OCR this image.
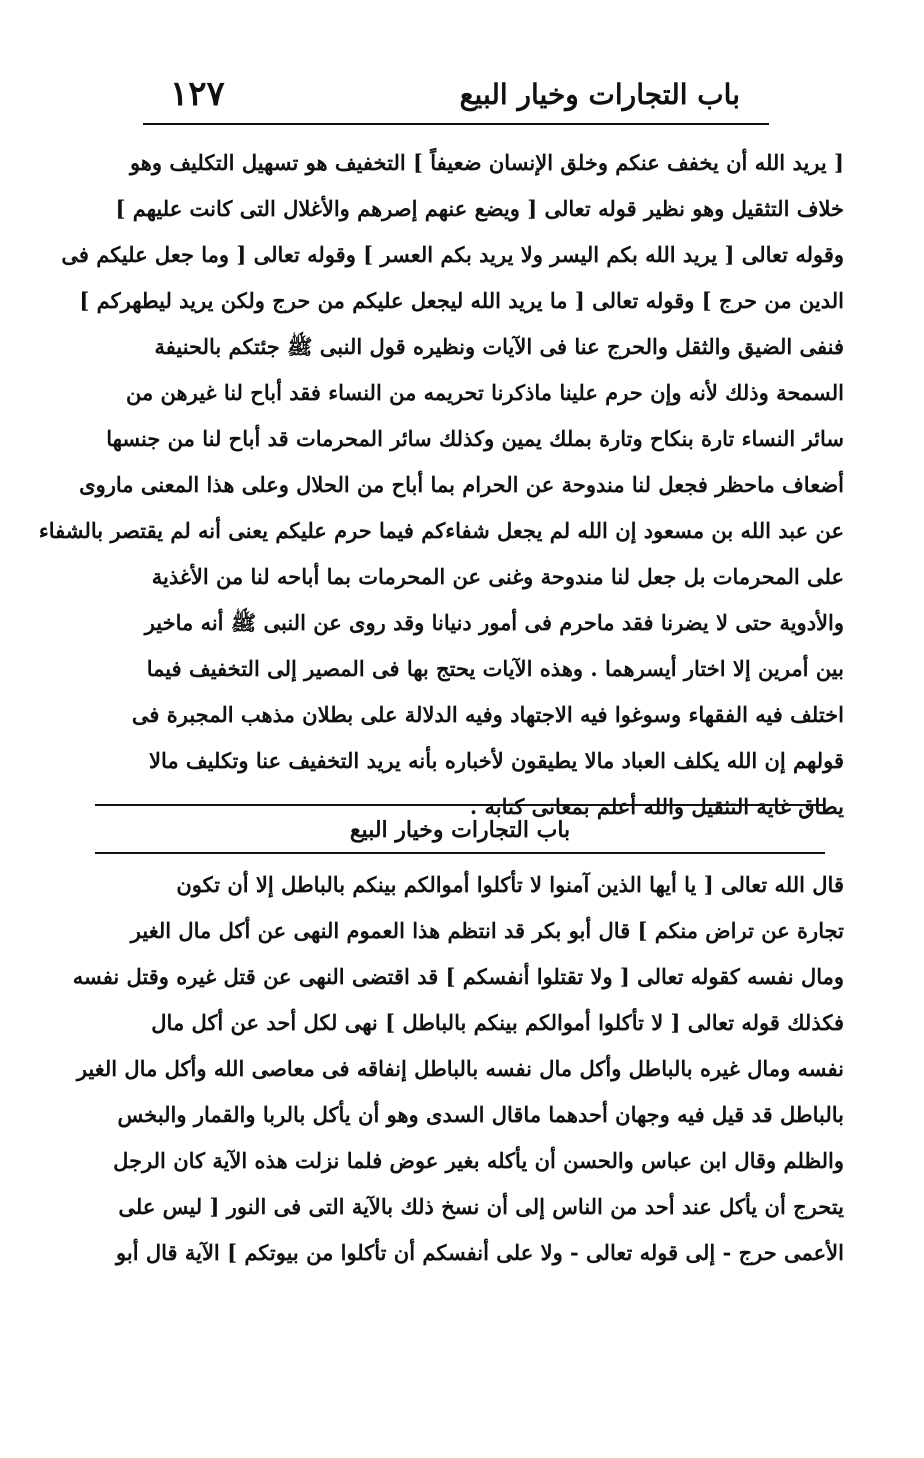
باب التجارات وخيار البيع
١٢٧
[ يريد الله أن يخفف عنكم وخلق الإنسان ضعيفاً ] التخفيف هو تسهيل التكليف وهو
خلاف التثقيل وهو نظير قوله تعالى [ ويضع عنهم إصرهم والأغلال التى كانت عليهم ]
وقوله تعالى [ يريد الله بكم اليسر ولا يريد بكم العسر ] وقوله تعالى [ وما جعل عليكم فى
الدين من حرج ] وقوله تعالى [ ما يريد الله ليجعل عليكم من حرج ولكن يريد ليطهركم ]
فنفى الضيق والثقل والحرج عنا فى الآيات ونظيره قول النبى ﷺ جئتكم بالحنيفة
السمحة وذلك لأنه وإن حرم علينا ماذكرنا تحريمه من النساء فقد أباح لنا غيرهن من
سائر النساء تارة بنكاح وتارة بملك يمين وكذلك سائر المحرمات قد أباح لنا من جنسها
أضعاف ماحظر فجعل لنا مندوحة عن الحرام بما أباح من الحلال وعلى هذا المعنى ماروى
عن عبد الله بن مسعود إن الله لم يجعل شفاءكم فيما حرم عليكم يعنى أنه لم يقتصر بالشفاء
على المحرمات بل جعل لنا مندوحة وغنى عن المحرمات بما أباحه لنا من الأغذية
والأدوية حتى لا يضرنا فقد ماحرم فى أمور دنيانا وقد روى عن النبى ﷺ أنه ماخير
بين أمرين إلا اختار أيسرهما . وهذه الآيات يحتج بها فى المصير إلى التخفيف فيما
اختلف فيه الفقهاء وسوغوا فيه الاجتهاد وفيه الدلالة على بطلان مذهب المجبرة فى
قولهم إن الله يكلف العباد مالا يطيقون لأخباره بأنه يريد التخفيف عنا وتكليف مالا
يطاق غاية التثقيل والله أعلم بمعانى كتابه .
باب التجارات وخيار البيع
قال الله تعالى [ يا أيها الذين آمنوا لا تأكلوا أموالكم بينكم بالباطل إلا أن تكون
تجارة عن تراض منكم ] قال أبو بكر قد انتظم هذا العموم النهى عن أكل مال الغير
ومال نفسه كقوله تعالى [ ولا تقتلوا أنفسكم ] قد اقتضى النهى عن قتل غيره وقتل نفسه
فكذلك قوله تعالى [ لا تأكلوا أموالكم بينكم بالباطل ] نهى لكل أحد عن أكل مال
نفسه ومال غيره بالباطل وأكل مال نفسه بالباطل إنفاقه فى معاصى الله وأكل مال الغير
بالباطل قد قيل فيه وجهان أحدهما ماقال السدى وهو أن يأكل بالربا والقمار والبخس
والظلم وقال ابن عباس والحسن أن يأكله بغير عوض فلما نزلت هذه الآية كان الرجل
يتحرج أن يأكل عند أحد من الناس إلى أن نسخ ذلك بالآية التى فى النور [ ليس على
الأعمى حرج - إلى قوله تعالى - ولا على أنفسكم أن تأكلوا من بيوتكم ] الآية قال أبو
